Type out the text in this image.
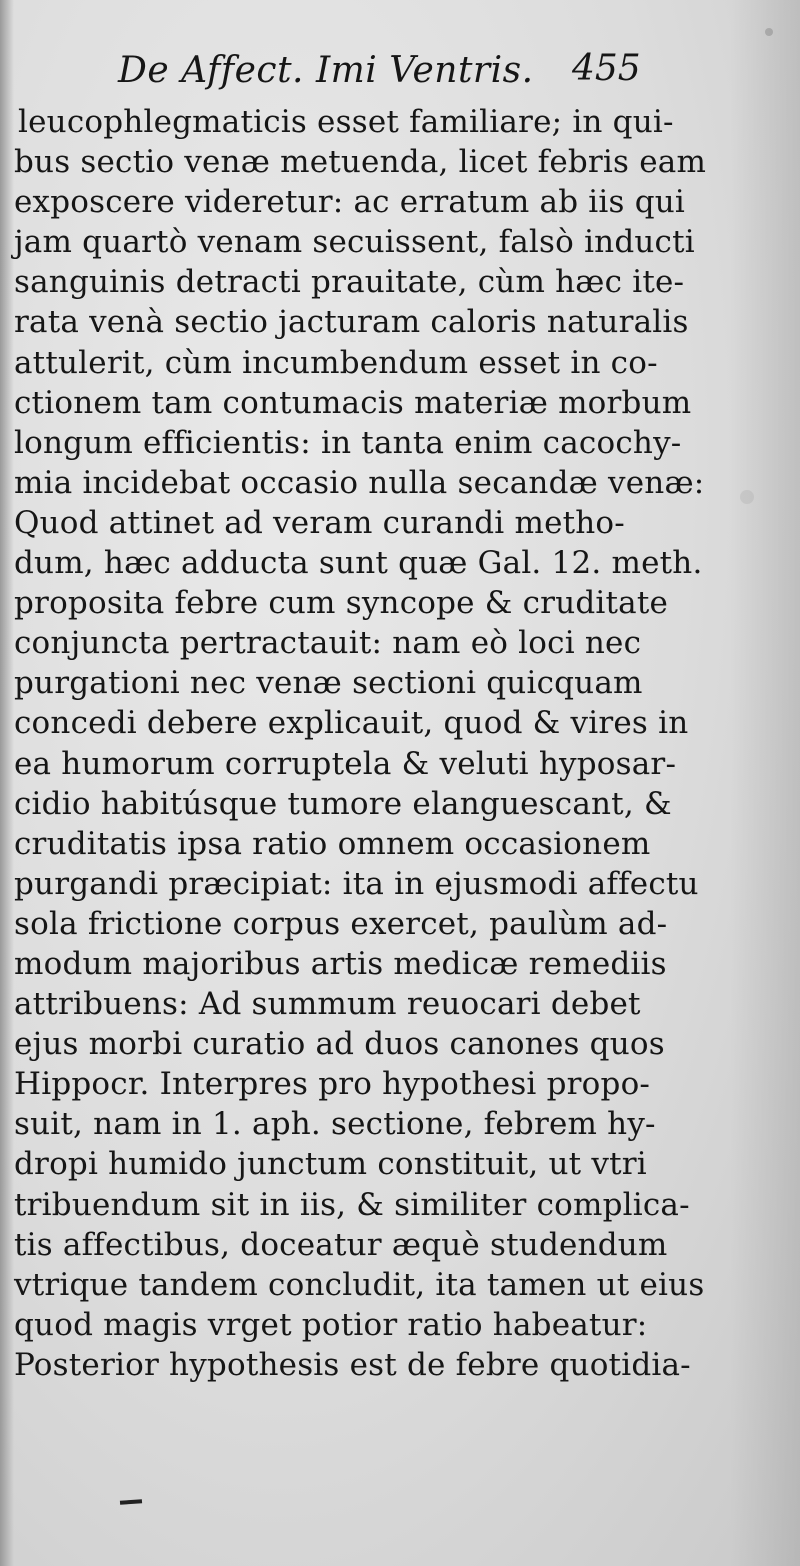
De Affect. Imi Ventris. 455
leucophlegmaticis esset familiare; in qui-
bus sectio venæ metuenda, licet febris eam
exposcere videretur: ac erratum ab iis qui
jam quartò venam secuissent, falsò inducti
sanguinis detracti prauitate, cùm hæc ite-
rata venà sectio jacturam caloris naturalis
attulerit, cùm incumbendum esset in co-
ctionem tam contumacis materiæ morbum
longum efficientis: in tanta enim cacochy-
mia incidebat occasio nulla secandæ venæ:
Quod attinet ad veram curandi metho-
dum, hæc adducta sunt quæ Gal. 12. meth.
proposita febre cum syncope & cruditate
conjuncta pertractauit: nam eò loci nec
purgationi nec venæ sectioni quicquam
concedi debere explicauit, quod & vires in
ea humorum corruptela & veluti hyposar-
cidio habitúsque tumore elanguescant, &
cruditatis ipsa ratio omnem occasionem
purgandi præcipiat: ita in ejusmodi affectu
sola frictione corpus exercet, paulùm ad-
modum majoribus artis medicæ remediis
attribuens: Ad summum reuocari debet
ejus morbi curatio ad duos canones quos
Hippocr. Interpres pro hypothesi propo-
suit, nam in 1. aph. sectione, febrem hy-
dropi humido junctum constituit, ut vtri
tribuendum sit in iis, & similiter complica-
tis affectibus, doceatur æquè studendum
vtrique tandem concludit, ita tamen ut eius
quod magis vrget potior ratio habeatur:
Posterior hypothesis est de febre quotidia-
